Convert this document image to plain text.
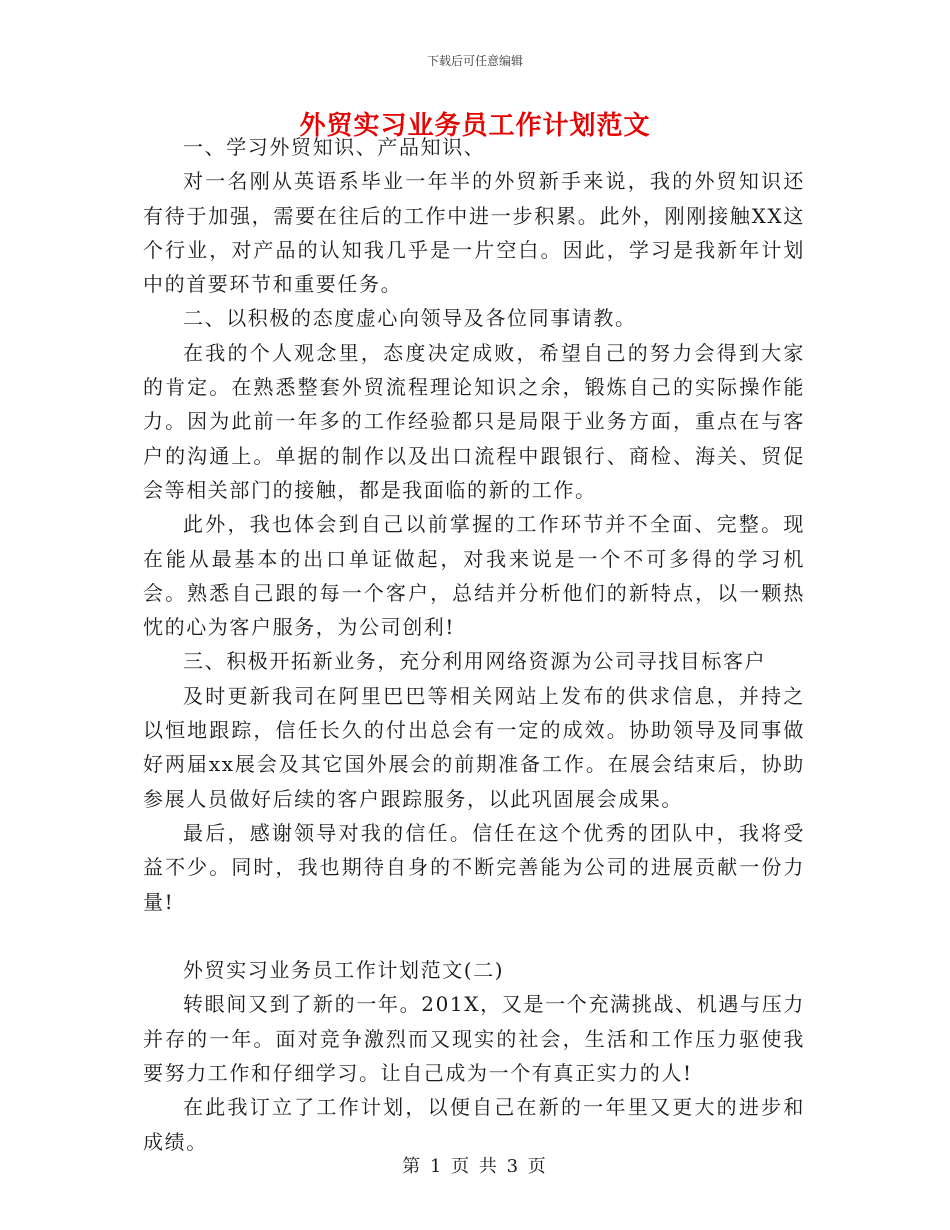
下载后可任意编辑
外贸实习业务员工作计划范文

一、学习外贸知识、产品知识、

对一名刚从英语系毕业一年半的外贸新手来说，我的外贸知识还有待于加强，需要在往后的工作中进一步积累。此外，刚刚接触XX这个行业，对产品的认知我几乎是一片空白。因此，学习是我新年计划中的首要环节和重要任务。

二、以积极的态度虚心向领导及各位同事请教。

在我的个人观念里，态度决定成败，希望自己的努力会得到大家的肯定。在熟悉整套外贸流程理论知识之余，锻炼自己的实际操作能力。因为此前一年多的工作经验都只是局限于业务方面，重点在与客户的沟通上。单据的制作以及出口流程中跟银行、商检、海关、贸促会等相关部门的接触，都是我面临的新的工作。

此外，我也体会到自己以前掌握的工作环节并不全面、完整。现在能从最基本的出口单证做起，对我来说是一个不可多得的学习机会。熟悉自己跟的每一个客户，总结并分析他们的新特点，以一颗热忱的心为客户服务，为公司创利!

三、积极开拓新业务，充分利用网络资源为公司寻找目标客户

及时更新我司在阿里巴巴等相关网站上发布的供求信息，并持之以恒地跟踪，信任长久的付出总会有一定的成效。协助领导及同事做好两届xx展会及其它国外展会的前期准备工作。在展会结束后，协助参展人员做好后续的客户跟踪服务，以此巩固展会成果。

最后，感谢领导对我的信任。信任在这个优秀的团队中，我将受益不少。同时，我也期待自身的不断完善能为公司的进展贡献一份力量!

外贸实习业务员工作计划范文(二)

转眼间又到了新的一年。201X，又是一个充满挑战、机遇与压力并存的一年。面对竞争激烈而又现实的社会，生活和工作压力驱使我要努力工作和仔细学习。让自己成为一个有真正实力的人!

在此我订立了工作计划，以便自己在新的一年里又更大的进步和成绩。

第 1 页 共 3 页
